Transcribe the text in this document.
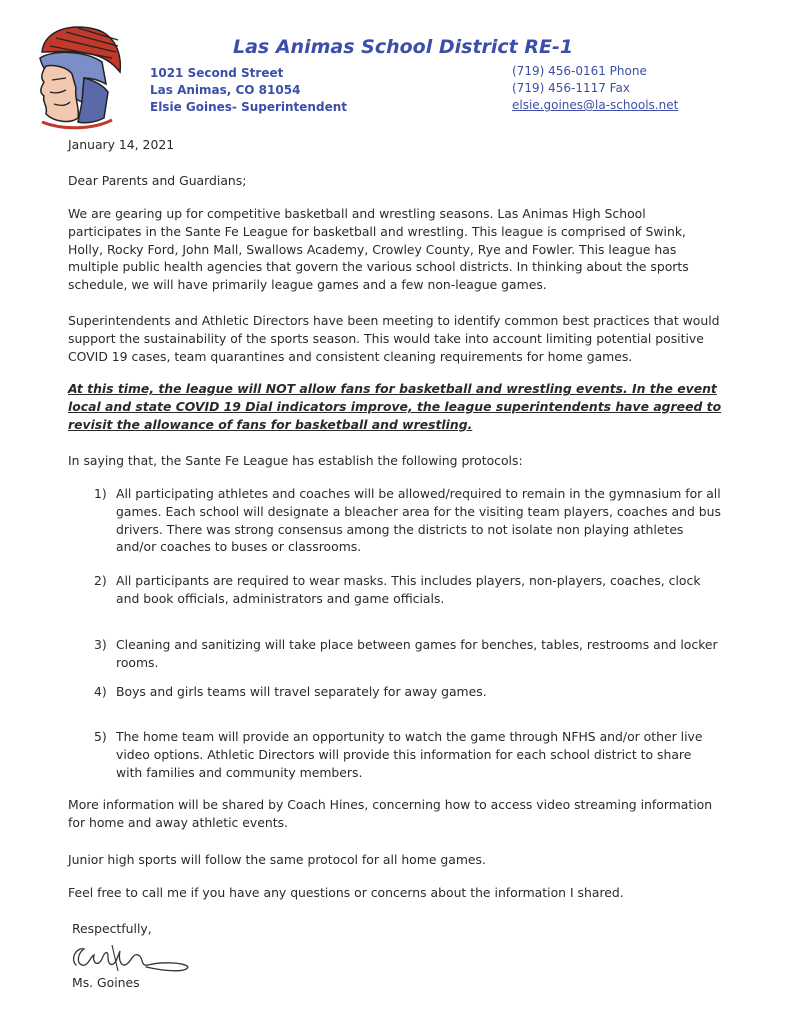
Las Animas School District RE-1
1021 Second Street
Las Animas, CO 81054
Elsie Goines- Superintendent
(719) 456-0161 Phone
(719) 456-1117 Fax
elsie.goines@la-schools.net
January 14, 2021
Dear Parents and Guardians;
We are gearing up for competitive basketball and wrestling seasons. Las Animas High School participates in the Sante Fe League for basketball and wrestling. This league is comprised of Swink, Holly, Rocky Ford, John Mall, Swallows Academy, Crowley County, Rye and Fowler. This league has multiple public health agencies that govern the various school districts. In thinking about the sports schedule, we will have primarily league games and a few non-league games.
Superintendents and Athletic Directors have been meeting to identify common best practices that would support the sustainability of the sports season. This would take into account limiting potential positive COVID 19 cases, team quarantines and consistent cleaning requirements for home games.
At this time, the league will NOT allow fans for basketball and wrestling events. In the event local and state COVID 19 Dial indicators improve, the league superintendents have agreed to revisit the allowance of fans for basketball and wrestling.
In saying that, the Sante Fe League has establish the following protocols:
1) All participating athletes and coaches will be allowed/required to remain in the gymnasium for all games. Each school will designate a bleacher area for the visiting team players, coaches and bus drivers. There was strong consensus among the districts to not isolate non playing athletes and/or coaches to buses or classrooms.
2) All participants are required to wear masks. This includes players, non-players, coaches, clock and book officials, administrators and game officials.
3) Cleaning and sanitizing will take place between games for benches, tables, restrooms and locker rooms.
4) Boys and girls teams will travel separately for away games.
5) The home team will provide an opportunity to watch the game through NFHS and/or other live video options. Athletic Directors will provide this information for each school district to share with families and community members.
More information will be shared by Coach Hines, concerning how to access video streaming information for home and away athletic events.
Junior high sports will follow the same protocol for all home games.
Feel free to call me if you have any questions or concerns about the information I shared.
Respectfully,
Ms. Goines
